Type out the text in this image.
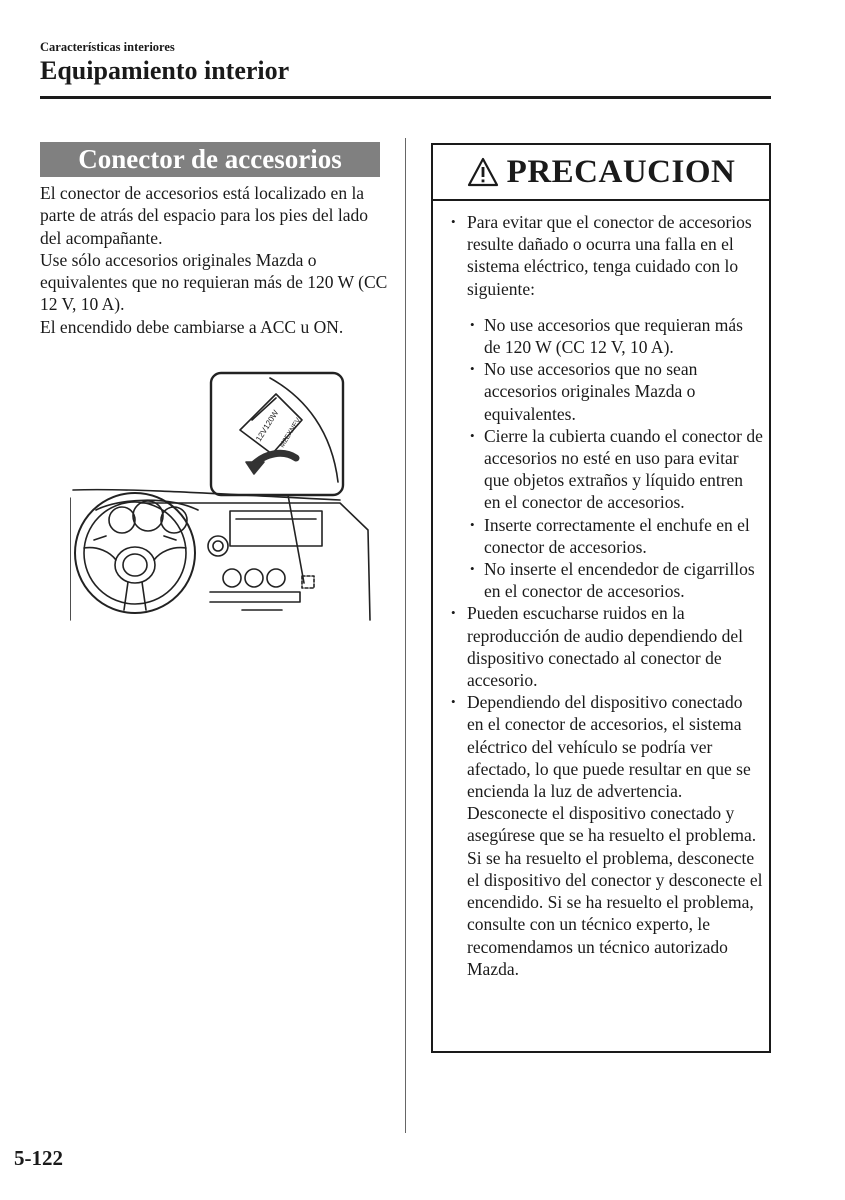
Características interiores
Equipamiento interior
Conector de accesorios

El conector de accesorios está localizado en la parte de atrás del espacio para los pies del lado del acompañante.

Use sólo accesorios originales Mazda o equivalentes que no requieran más de 120 W (CC 12 V, 10 A).

El encendido debe cambiarse a ACC u ON.

12V120W
M2EXNEV
PRECAUCION
• Para evitar que el conector de accesorios resulte dañado o ocurra una falla en el sistema eléctrico, tenga cuidado con lo siguiente:
• No use accesorios que requieran más de 120 W (CC 12 V, 10 A).
• No use accesorios que no sean accesorios originales Mazda o equivalentes.
• Cierre la cubierta cuando el conector de accesorios no esté en uso para evitar que objetos extraños y líquido entren en el conector de accesorios.
• Inserte correctamente el enchufe en el conector de accesorios.
• No inserte el encendedor de cigarrillos en el conector de accesorios.
• Pueden escucharse ruidos en la reproducción de audio dependiendo del dispositivo conectado al conector de accesorio.
• Dependiendo del dispositivo conectado en el conector de accesorios, el sistema eléctrico del vehículo se podría ver afectado, lo que puede resultar en que se encienda la luz de advertencia. Desconecte el dispositivo conectado y asegúrese que se ha resuelto el problema. Si se ha resuelto el problema, desconecte el dispositivo del conector y desconecte el encendido. Si se ha resuelto el problema, consulte con un técnico experto, le recomendamos un técnico autorizado Mazda.
5-122
